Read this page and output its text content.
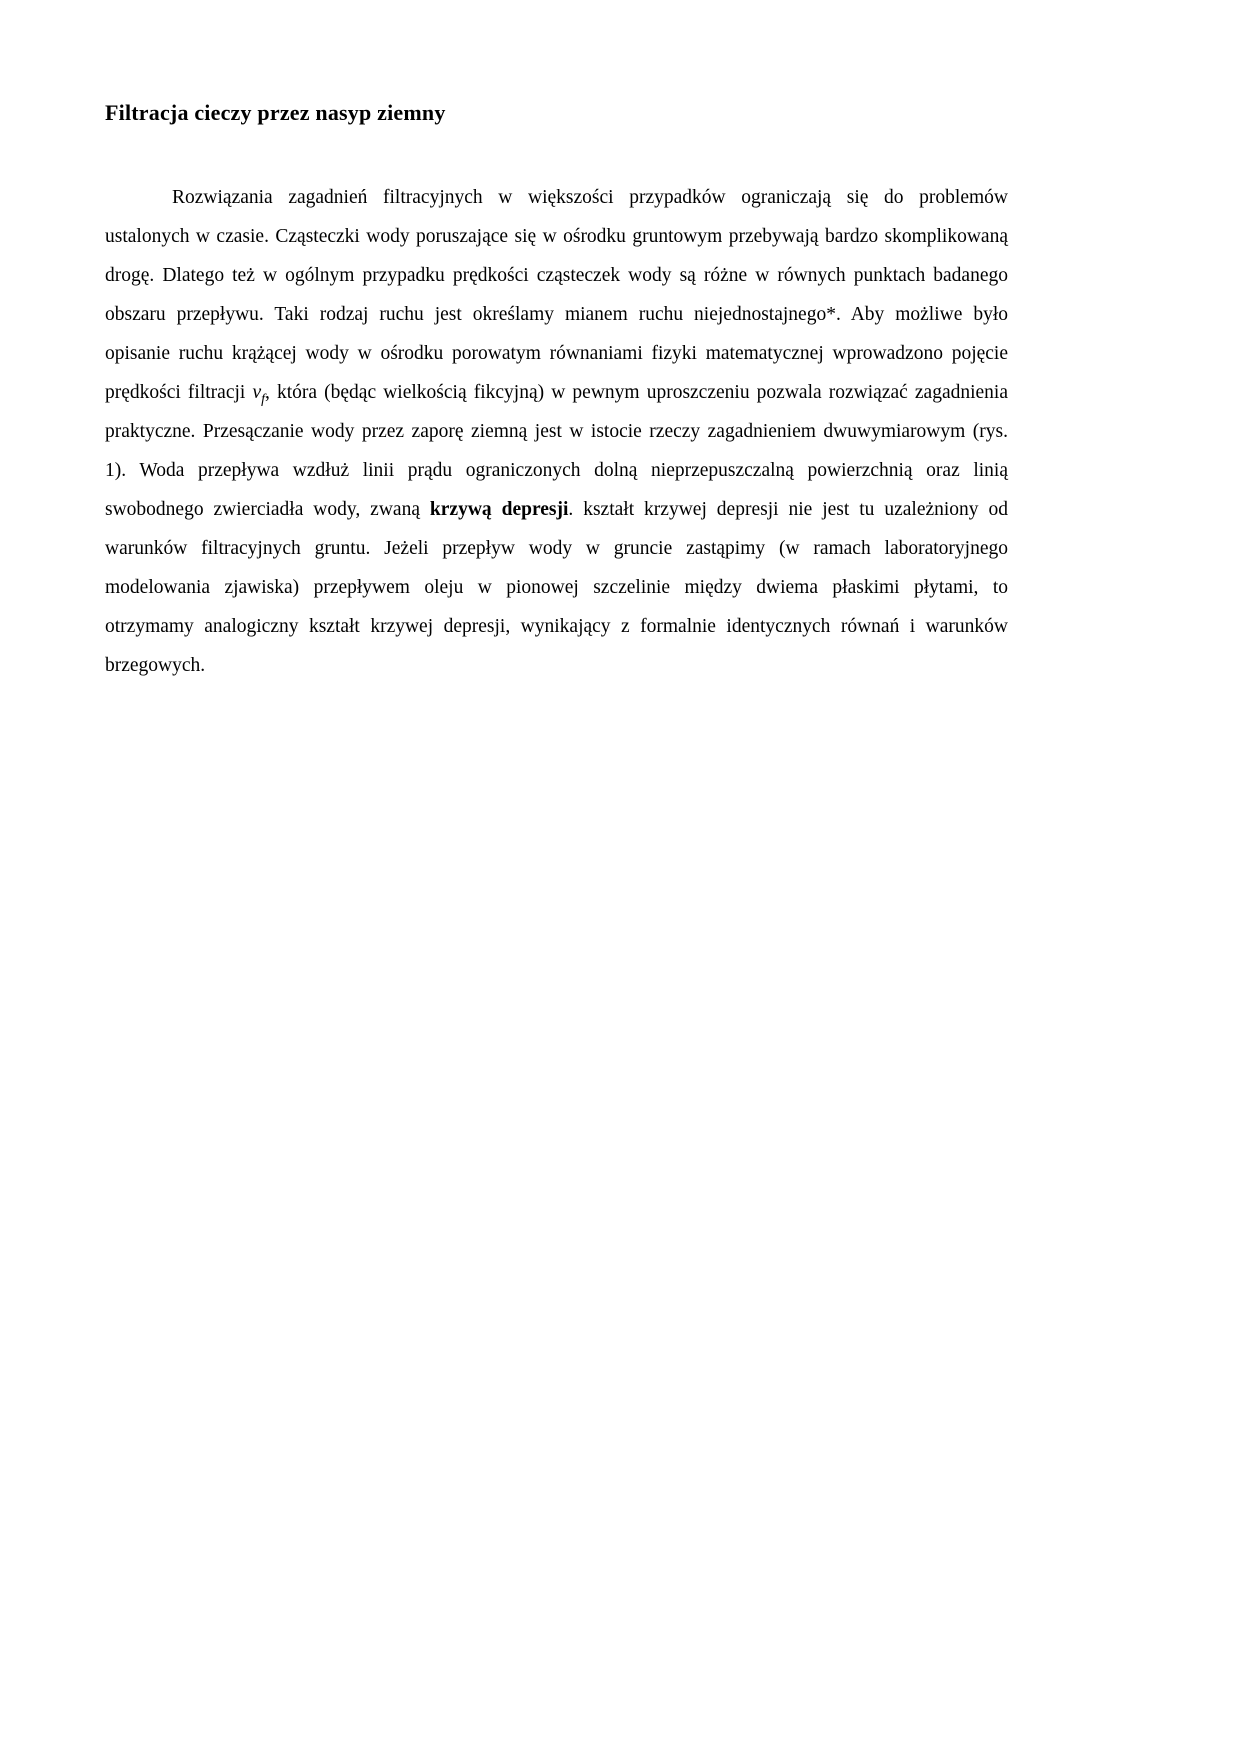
Filtracja cieczy przez nasyp ziemny

Rozwiązania zagadnień filtracyjnych w większości przypadków ograniczają się do problemów ustalonych w czasie. Cząsteczki wody poruszające się w ośrodku gruntowym przebywają bardzo skomplikowaną drogę. Dlatego też w ogólnym przypadku prędkości cząsteczek wody są różne w równych punktach badanego obszaru przepływu. Taki rodzaj ruchu jest określamy mianem ruchu niejednostajnego*. Aby możliwe było opisanie ruchu krążącej wody w ośrodku porowatym równaniami fizyki matematycznej wprowadzono pojęcie prędkości filtracji $v_f$, która (będąc wielkością fikcyjną) w pewnym uproszczeniu pozwala rozwiązać zagadnienia praktyczne. Przesączanie wody przez zaporę ziemną jest w istocie rzeczy zagadnieniem dwuwymiarowym (rys. 1). Woda przepływa wzdłuż linii prądu ograniczonych dolną nieprzepuszczalną powierzchnią oraz linią swobodnego zwierciadła wody, zwaną krzywą depresji. kształt krzywej depresji nie jest tu uzależniony od warunków filtracyjnych gruntu. Jeżeli przepływ wody w gruncie zastąpimy (w ramach laboratoryjnego modelowania zjawiska) przepływem oleju w pionowej szczelinie między dwiema płaskimi płytami, to otrzymamy analogiczny kształt krzywej depresji, wynikający z formalnie identycznych równań i warunków brzegowych.
